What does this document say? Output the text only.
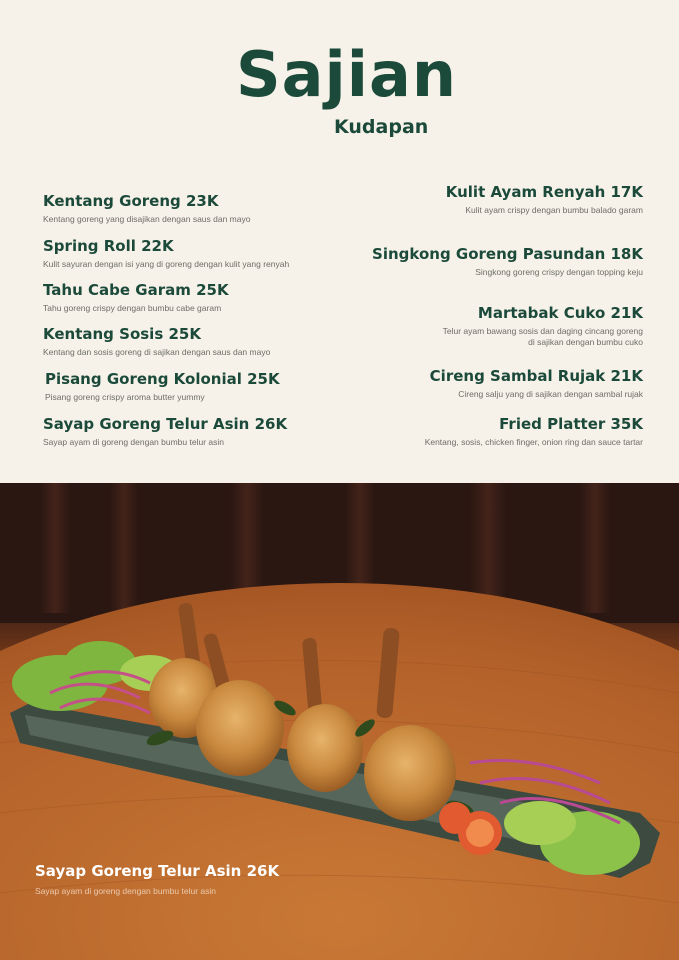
Sajian
Kudapan
Kentang Goreng 23K
Kentang goreng yang disajikan dengan saus dan mayo
Spring Roll 22K
Kulit sayuran dengan isi yang di goreng dengan kulit yang renyah
Tahu Cabe Garam 25K
Tahu goreng crispy dengan bumbu cabe garam
Kentang Sosis 25K
Kentang dan sosis goreng di sajikan dengan saus dan mayo
Pisang Goreng Kolonial 25K
Pisang goreng crispy aroma butter yummy
Sayap Goreng Telur Asin 26K
Sayap ayam di goreng dengan bumbu telur asin
Kulit Ayam Renyah 17K
Kulit ayam crispy dengan bumbu balado garam
Singkong Goreng Pasundan 18K
Singkong goreng crispy dengan topping keju
Martabak Cuko 21K
Telur ayam bawang sosis dan daging cincang goreng
di sajikan dengan bumbu cuko
Cireng Sambal Rujak 21K
Cireng salju yang di sajikan dengan sambal rujak
Fried Platter 35K
Kentang, sosis, chicken finger, onion ring dan sauce tartar
Sayap Goreng Telur Asin 26K
Sayap ayam di goreng dengan bumbu telur asin
